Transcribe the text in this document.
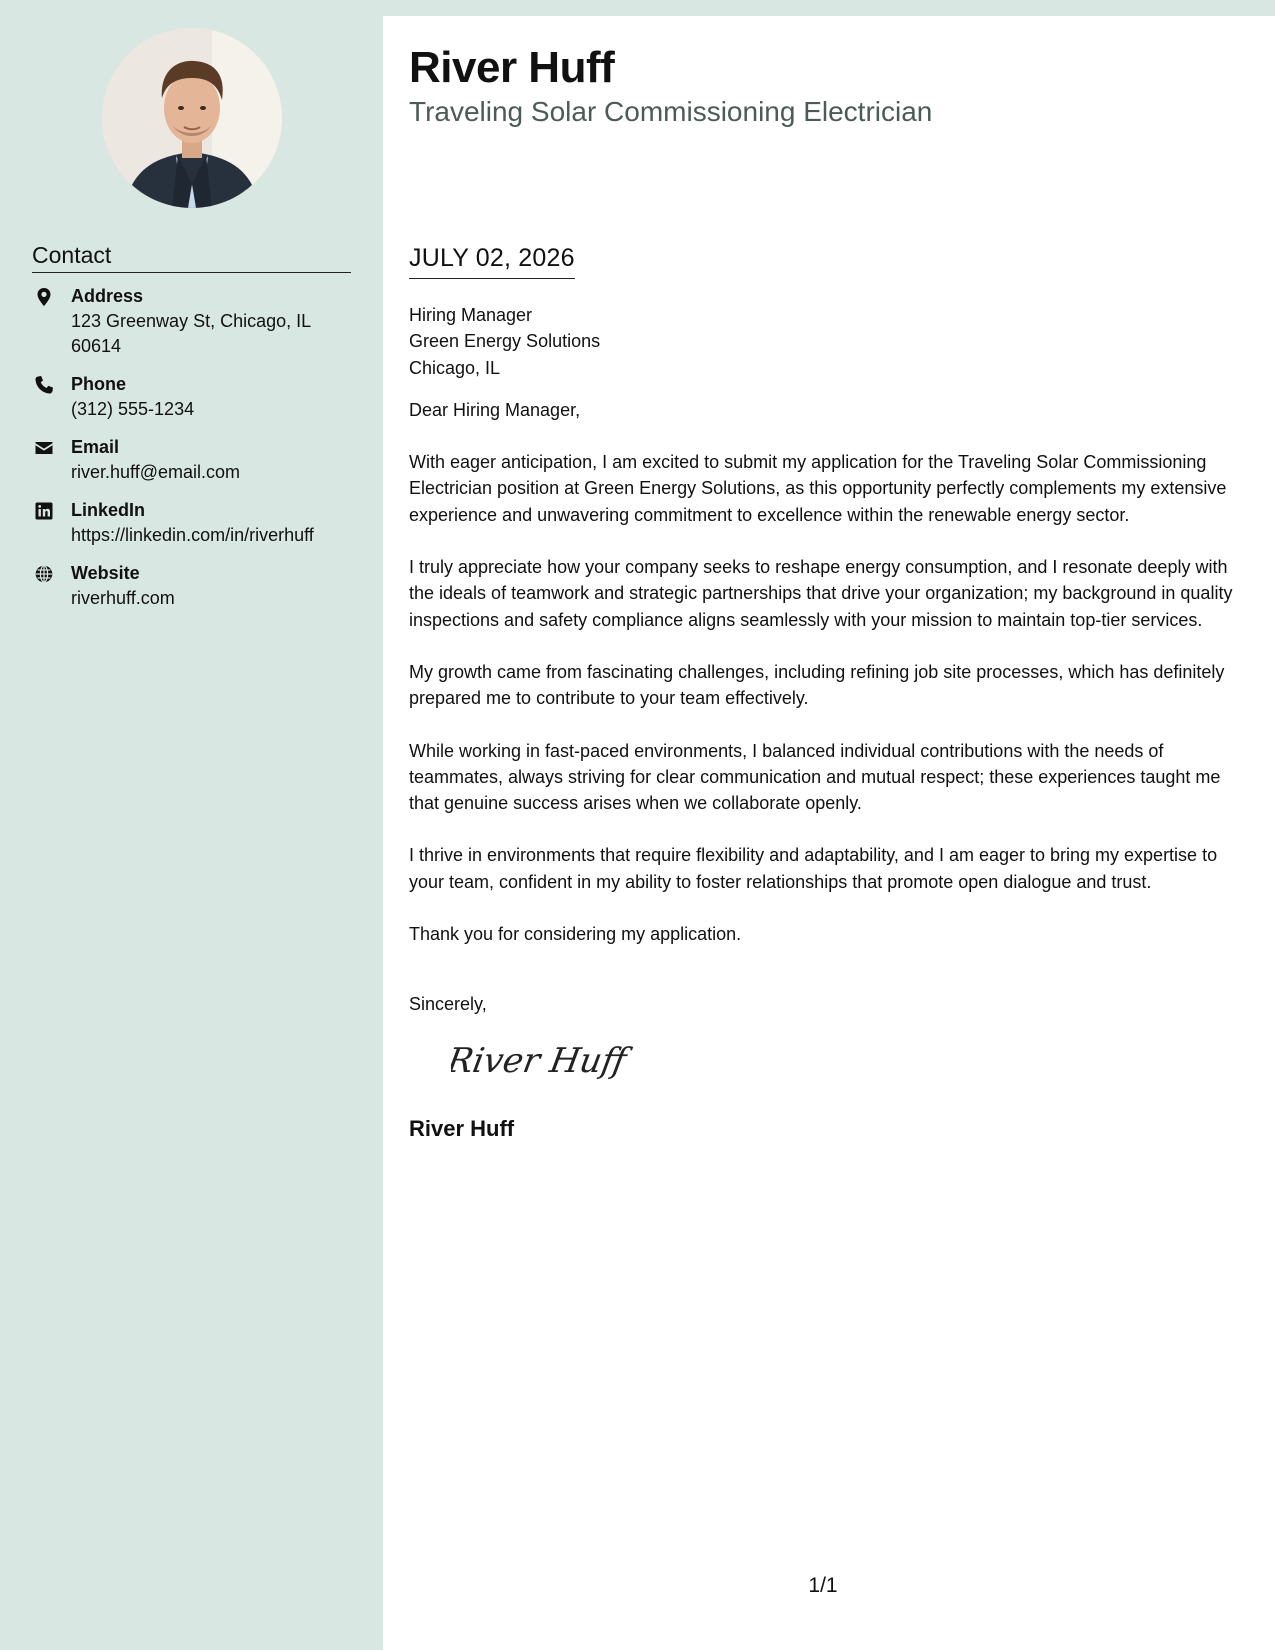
Contact
Address
123 Greenway St, Chicago, IL 60614
Phone
(312) 555-1234
Email
river.huff@email.com
LinkedIn
https://linkedin.com/in/riverhuff
Website
riverhuff.com
River Huff
Traveling Solar Commissioning Electrician
JULY 02, 2026
Hiring Manager
Green Energy Solutions
Chicago, IL

Dear Hiring Manager,

With eager anticipation, I am excited to submit my application for the Traveling Solar Commissioning Electrician position at Green Energy Solutions, as this opportunity perfectly complements my extensive experience and unwavering commitment to excellence within the renewable energy sector.

I truly appreciate how your company seeks to reshape energy consumption, and I resonate deeply with the ideals of teamwork and strategic partnerships that drive your organization; my background in quality inspections and safety compliance aligns seamlessly with your mission to maintain top-tier services.

My growth came from fascinating challenges, including refining job site processes, which has definitely prepared me to contribute to your team effectively.

While working in fast-paced environments, I balanced individual contributions with the needs of teammates, always striving for clear communication and mutual respect; these experiences taught me that genuine success arises when we collaborate openly.

I thrive in environments that require flexibility and adaptability, and I am eager to bring my expertise to your team, confident in my ability to foster relationships that promote open dialogue and trust.

Thank you for considering my application.

Sincerely,

River Huff
River Huff
1/1
